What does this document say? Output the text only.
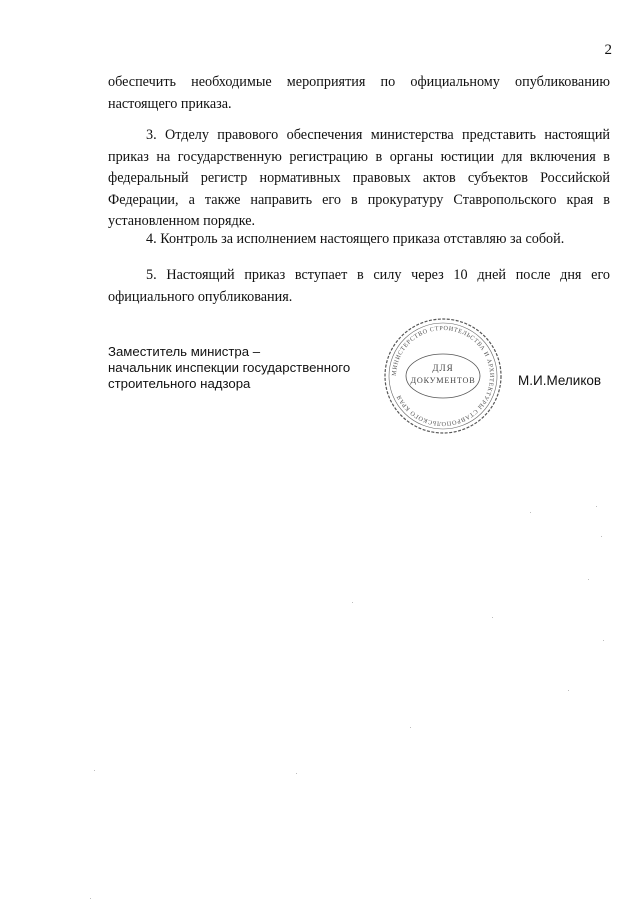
2

обеспечить необходимые мероприятия по официальному опубликованию настоящего приказа.

3. Отделу правового обеспечения министерства представить настоящий приказ на государственную регистрацию в органы юстиции для включения в федеральный регистр нормативных правовых актов субъектов Российской Федерации, а также направить его в прокуратуру Ставропольского края в установленном порядке.

4. Контроль за исполнением настоящего приказа отставляю за собой.

5. Настоящий приказ вступает в силу через 10 дней после дня его официального опубликования.

Заместитель министра –
начальник инспекции государственного
строительного надзора
МИНИСТЕРСТВО СТРОИТЕЛЬСТВА И АРХИТЕКТУРЫ СТАВРОПОЛЬСКОГО КРАЯ
ДЛЯ
ДОКУМЕНТОВ	М.И.Меликов
